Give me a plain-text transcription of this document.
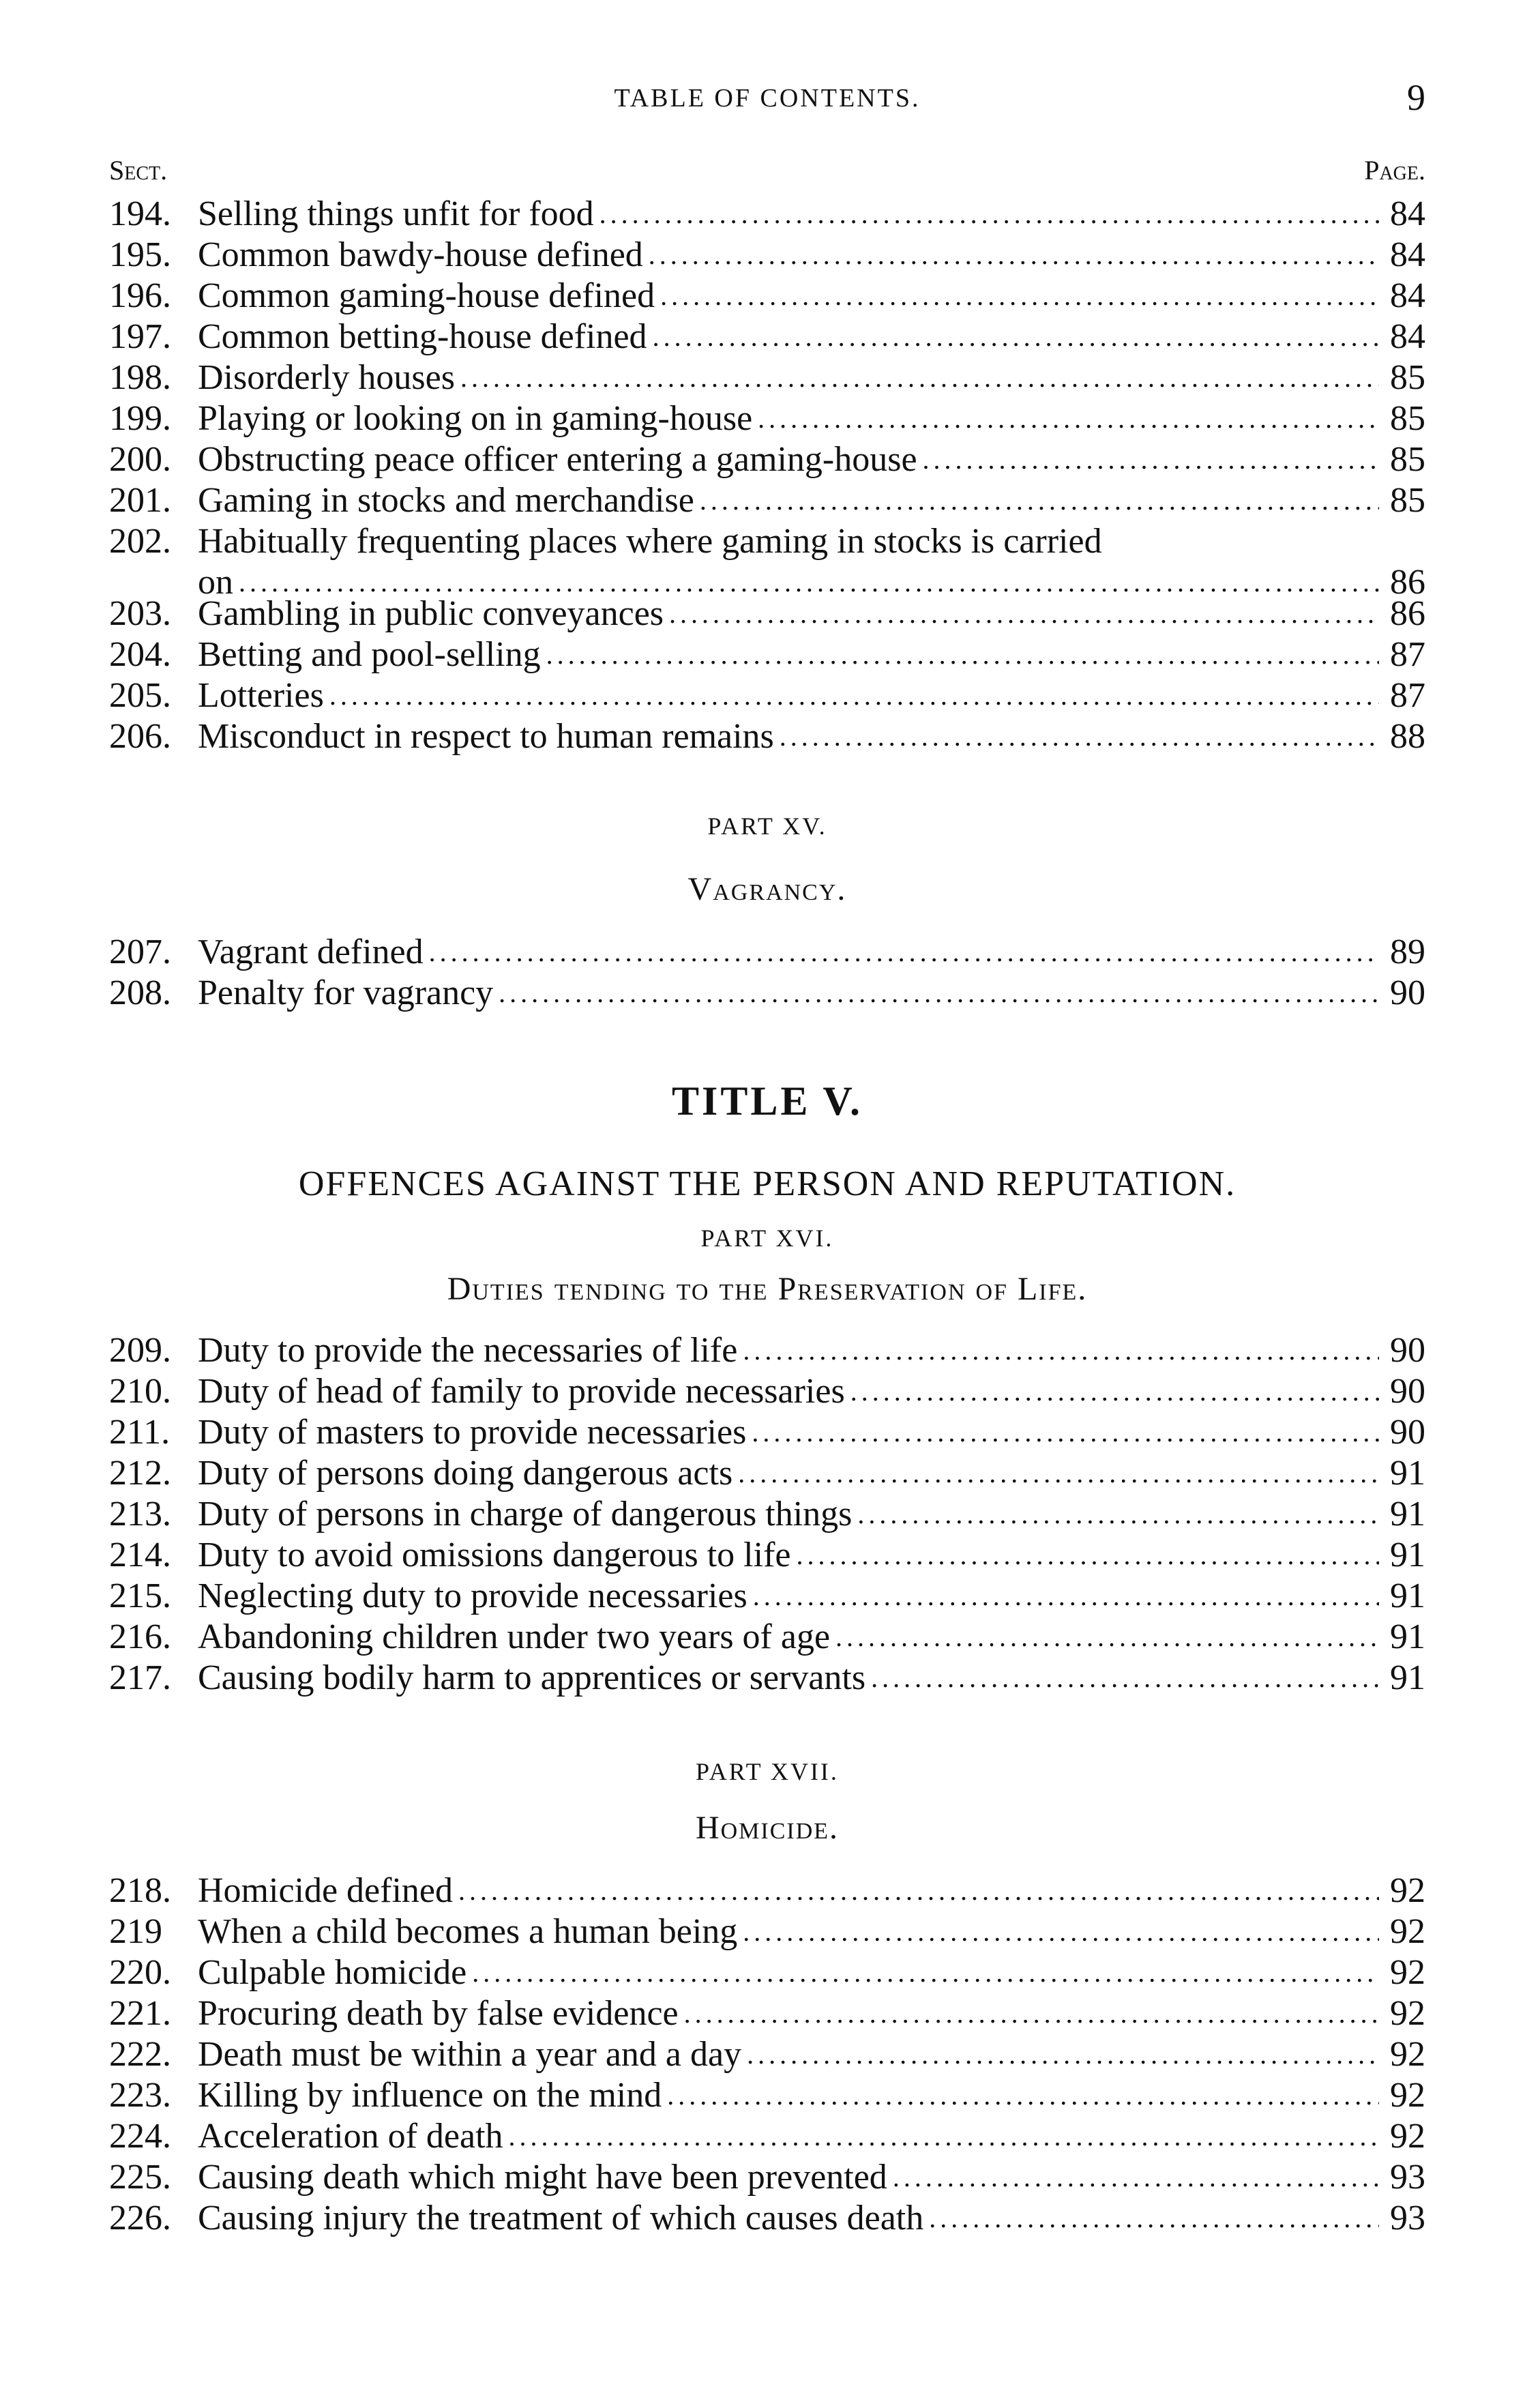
TABLE OF CONTENTS.	9
Sect.	Page.
194. Selling things unfit for food .....	84
195. Common bawdy-house defined .....	84
196. Common gaming-house defined .....	84
197. Common betting-house defined .....	84
198. Disorderly houses .....	85
199. Playing or looking on in gaming-house .....	85
200. Obstructing peace officer entering a gaming-house .....	85
201. Gaming in stocks and merchandise .....	85
202. Habitually frequenting places where gaming in stocks is carried
on .....	86
203. Gambling in public conveyances .....	86
204. Betting and pool-selling .....	87
205. Lotteries .....	87
206. Misconduct in respect to human remains .....	88
PART XV.
Vagrancy.
207. Vagrant defined .....	89
208. Penalty for vagrancy .....	90
TITLE V.
OFFENCES AGAINST THE PERSON AND REPUTATION.
PART XVI.
Duties tending to the Preservation of Life.
209. Duty to provide the necessaries of life .....	90
210. Duty of head of family to provide necessaries .....	90
211. Duty of masters to provide necessaries .....	90
212. Duty of persons doing dangerous acts .....	91
213. Duty of persons in charge of dangerous things .....	91
214. Duty to avoid omissions dangerous to life .....	91
215. Neglecting duty to provide necessaries .....	91
216. Abandoning children under two years of age .....	91
217. Causing bodily harm to apprentices or servants .....	91
PART XVII.
Homicide.
218. Homicide defined .....	92
219	When a child becomes a human being .....	92
220. Culpable homicide .....	92
221. Procuring death by false evidence .....	92
222. Death must be within a year and a day .....	92
223. Killing by influence on the mind .....	92
224. Acceleration of death .....	92
225. Causing death which might have been prevented .....	93
226. Causing injury the treatment of which causes death .....	93
